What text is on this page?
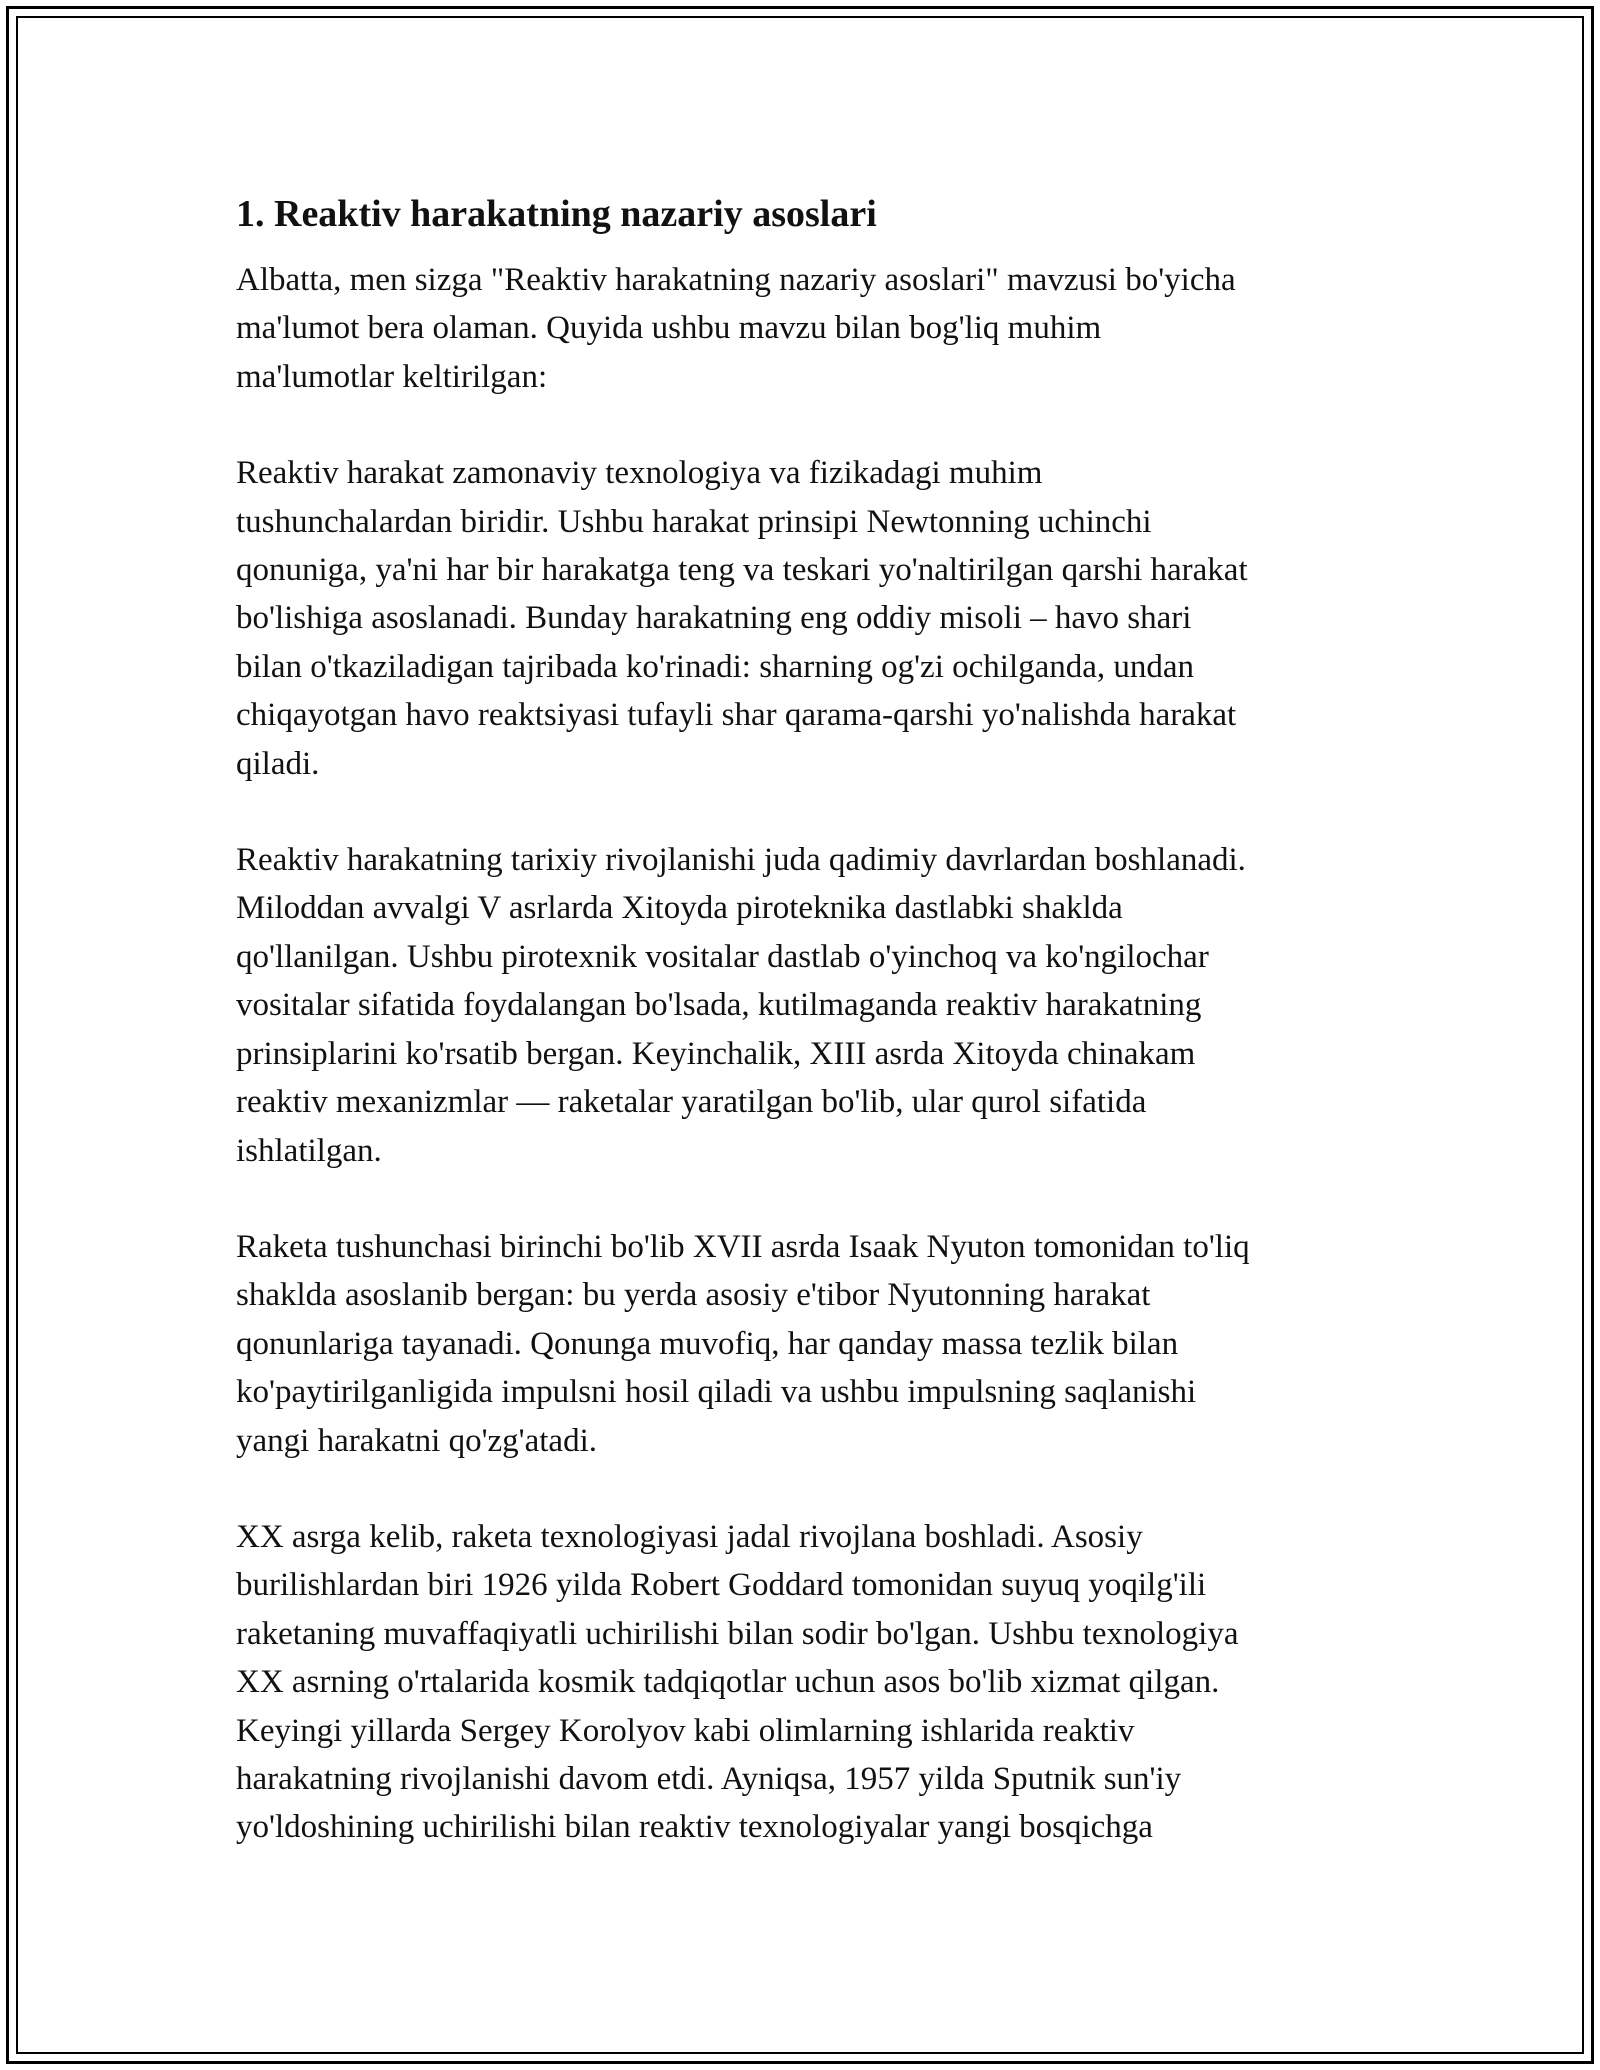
1. Reaktiv harakatning nazariy asoslari
Albatta, men sizga "Reaktiv harakatning nazariy asoslari" mavzusi bo'yicha
ma'lumot bera olaman. Quyida ushbu mavzu bilan bog'liq muhim
ma'lumotlar keltirilgan:
Reaktiv harakat zamonaviy texnologiya va fizikadagi muhim
tushunchalardan biridir. Ushbu harakat prinsipi Newtonning uchinchi
qonuniga, ya'ni har bir harakatga teng va teskari yo'naltirilgan qarshi harakat
bo'lishiga asoslanadi. Bunday harakatning eng oddiy misoli – havo shari
bilan o'tkaziladigan tajribada ko'rinadi: sharning og'zi ochilganda, undan
chiqayotgan havo reaktsiyasi tufayli shar qarama-qarshi yo'nalishda harakat
qiladi.
Reaktiv harakatning tarixiy rivojlanishi juda qadimiy davrlardan boshlanadi.
Miloddan avvalgi V asrlarda Xitoyda piroteknika dastlabki shaklda
qo'llanilgan. Ushbu pirotexnik vositalar dastlab o'yinchoq va ko'ngilochar
vositalar sifatida foydalangan bo'lsada, kutilmaganda reaktiv harakatning
prinsiplarini ko'rsatib bergan. Keyinchalik, XIII asrda Xitoyda chinakam
reaktiv mexanizmlar — raketalar yaratilgan bo'lib, ular qurol sifatida
ishlatilgan.
Raketa tushunchasi birinchi bo'lib XVII asrda Isaak Nyuton tomonidan to'liq
shaklda asoslanib bergan: bu yerda asosiy e'tibor Nyutonning harakat
qonunlariga tayanadi. Qonunga muvofiq, har qanday massa tezlik bilan
ko'paytirilganligida impulsni hosil qiladi va ushbu impulsning saqlanishi
yangi harakatni qo'zg'atadi.
XX asrga kelib, raketa texnologiyasi jadal rivojlana boshladi. Asosiy
burilishlardan biri 1926 yilda Robert Goddard tomonidan suyuq yoqilg'ili
raketaning muvaffaqiyatli uchirilishi bilan sodir bo'lgan. Ushbu texnologiya
XX asrning o'rtalarida kosmik tadqiqotlar uchun asos bo'lib xizmat qilgan.
Keyingi yillarda Sergey Korolyov kabi olimlarning ishlarida reaktiv
harakatning rivojlanishi davom etdi. Ayniqsa, 1957 yilda Sputnik sun'iy
yo'ldoshining uchirilishi bilan reaktiv texnologiyalar yangi bosqichga
